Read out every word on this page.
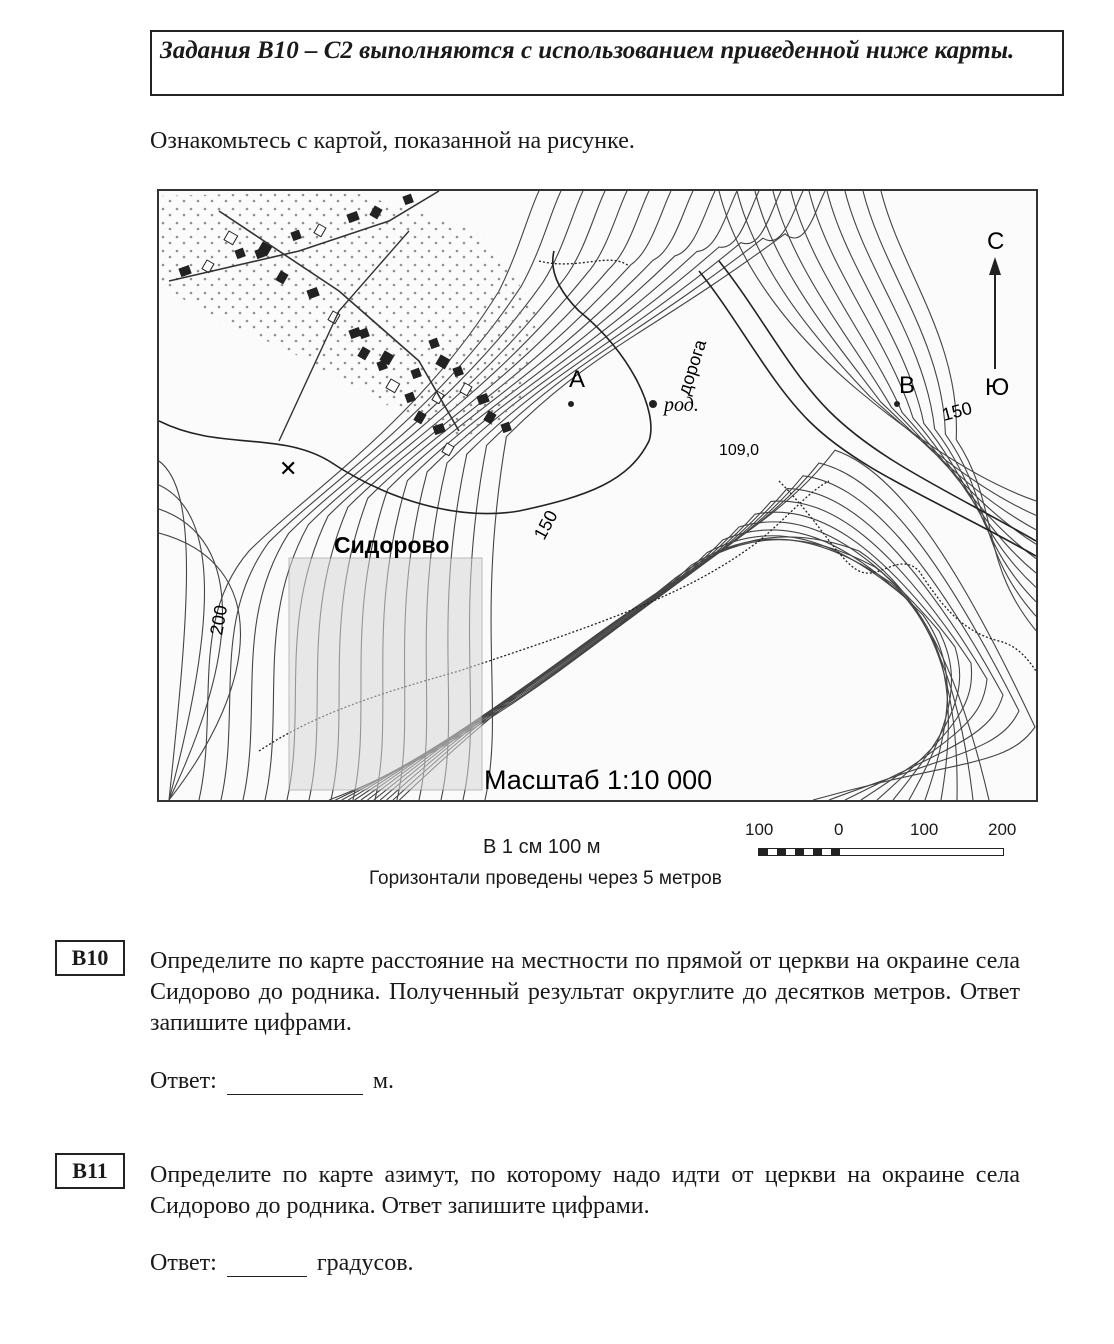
Задания В10 – С2 выполняются с использованием приведенной ниже карты.
Ознакомьтесь с картой, показанной на рисунке.
Сидорово
А	В
род.
дорога
109,0
150
150
200
✕
С
Ю
Масштаб 1:10 000
В 1 см 100 м
Горизонтали проведены через 5 метров
100	0	100	200
В10	Определите по карте расстояние на местности по прямой от церкви на окраине села Сидорово до родника. Полученный результат округлите до десятков метров. Ответ запишите цифрами.
Ответ:	м.
В11	Определите по карте азимут, по которому надо идти от церкви на окраине села Сидорово до родника. Ответ запишите цифрами.
Ответ:	градусов.
